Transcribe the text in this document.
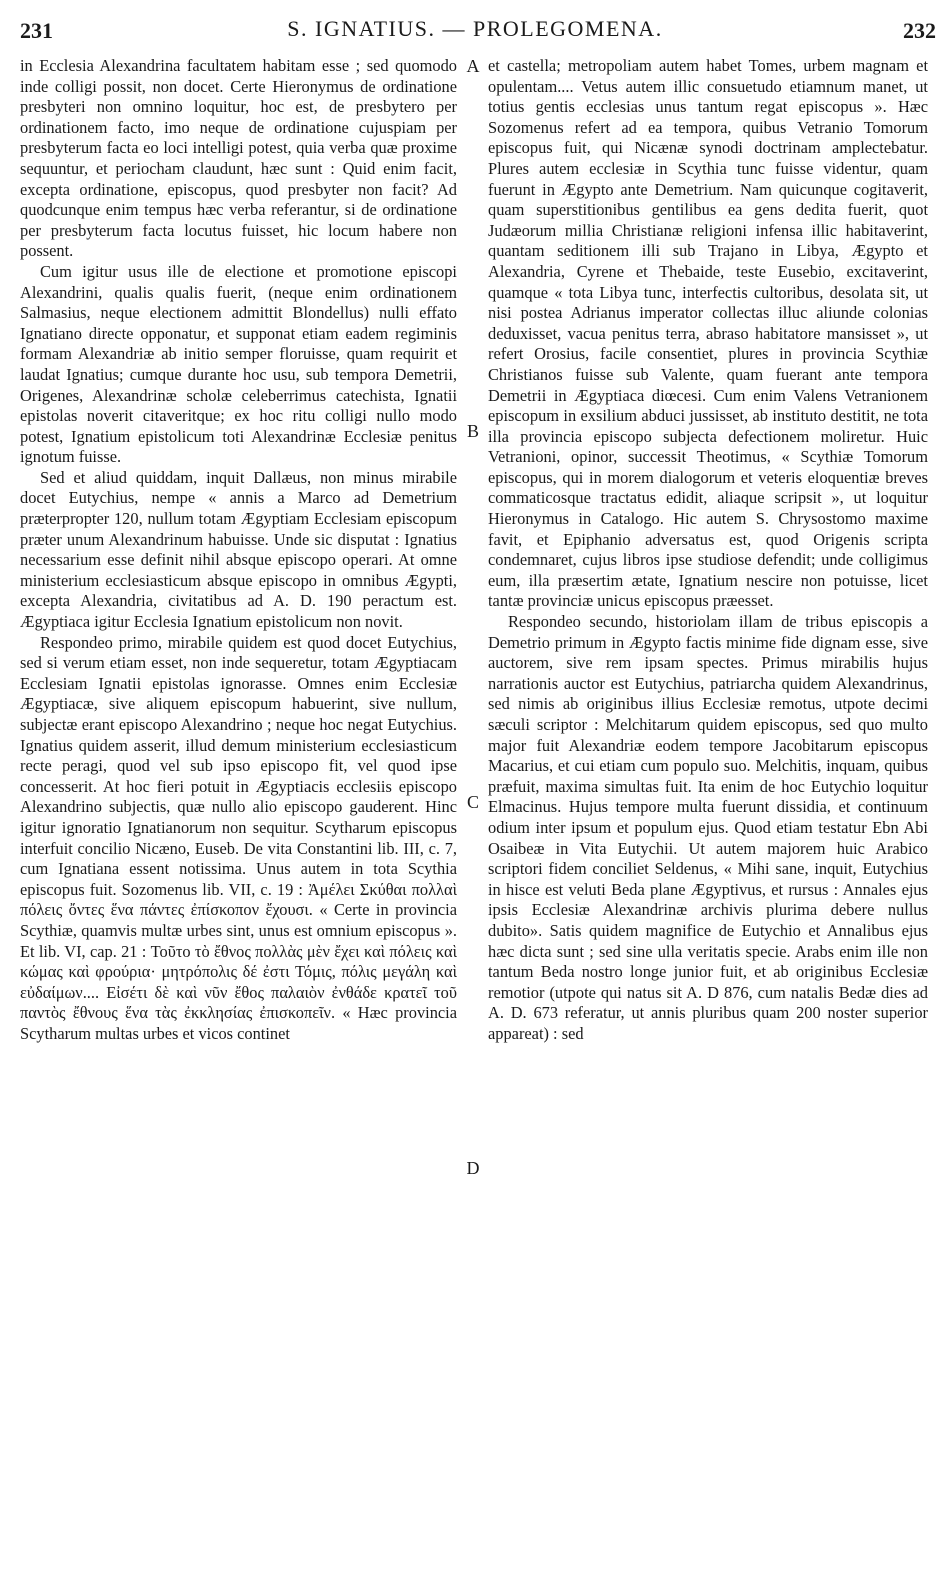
231	S. IGNATIUS. — PROLEGOMENA.	232

in Ecclesia Alexandrina facultatem habitam esse ; sed quomodo inde colligi possit, non docet. Certe Hieronymus de ordinatione presbyteri non omnino loquitur, hoc est, de presbytero per ordinationem facto, imo neque de ordinatione cujuspiam per presbyterum facta eo loci intelligi potest, quia verba quæ proxime sequuntur, et periocham claudunt, hæc sunt : Quid enim facit, excepta ordinatione, episcopus, quod presbyter non facit? Ad quodcunque enim tempus hæc verba referantur, si de ordinatione per presbyterum facta locutus fuisset, hic locum habere non possent.

Cum igitur usus ille de electione et promotione episcopi Alexandrini, qualis qualis fuerit, (neque enim ordinationem Salmasius, neque electionem admittit Blondellus) nulli effato Ignatiano directe opponatur, et supponat etiam eadem regiminis formam Alexandriæ ab initio semper floruisse, quam requirit et laudat Ignatius; cumque durante hoc usu, sub tempora Demetrii, Origenes, Alexandrinæ scholæ celeberrimus catechista, Ignatii epistolas noverit citaveritque; ex hoc ritu colligi nullo modo potest, Ignatium epistolicum toti Alexandrinæ Ecclesiæ penitus ignotum fuisse.

Sed et aliud quiddam, inquit Dallæus, non minus mirabile docet Eutychius, nempe « annis a Marco ad Demetrium præterpropter 120, nullum totam Ægyptiam Ecclesiam episcopum præter unum Alexandrinum habuisse. Unde sic disputat : Ignatius necessarium esse definit nihil absque episcopo operari. At omne ministerium ecclesiasticum absque episcopo in omnibus Ægypti, excepta Alexandria, civitatibus ad A. D. 190 peractum est. Ægyptiaca igitur Ecclesia Ignatium epistolicum non novit.

Respondeo primo, mirabile quidem est quod docet Eutychius, sed si verum etiam esset, non inde sequeretur, totam Ægyptiacam Ecclesiam Ignatii epistolas ignorasse. Omnes enim Ecclesiæ Ægyptiacæ, sive aliquem episcopum habuerint, sive nullum, subjectæ erant episcopo Alexandrino ; neque hoc negat Eutychius. Ignatius quidem asserit, illud demum ministerium ecclesiasticum recte peragi, quod vel sub ipso episcopo fit, vel quod ipse concesserit. At hoc fieri potuit in Ægyptiacis ecclesiis episcopo Alexandrino subjectis, quæ nullo alio episcopo gauderent. Hinc igitur ignoratio Ignatianorum non sequitur. Scytharum episcopus interfuit concilio Nicæno, Euseb. De vita Constantini lib. III, c. 7, cum Ignatiana essent notissima. Unus autem in tota Scythia episcopus fuit. Sozomenus lib. VII, c. 19 : Ἀμέλει Σκύθαι πολλαὶ πόλεις ὄντες ἕνα πάντες ἐπίσκοπον ἔχουσι. « Certe in provincia Scythiæ, quamvis multæ urbes sint, unus est omnium episcopus ». Et lib. VI, cap. 21 : Τοῦτο τὸ ἔθνος πολλὰς μὲν ἔχει καὶ πόλεις καὶ κώμας καὶ φρούρια· μητρόπολις δέ ἐστι Τόμις, πόλις μεγάλη καὶ εὐδαίμων.... Εἰσέτι δὲ καὶ νῦν ἔθος παλαιὸν ἐνθάδε κρατεῖ τοῦ παντὸς ἔθνους ἕνα τὰς ἐκκλησίας ἐπισκοπεῖν. « Hæc provincia Scytharum multas urbes et vicos continet

et castella; metropoliam autem habet Tomes, urbem magnam et opulentam.... Vetus autem illic consuetudo etiamnum manet, ut totius gentis ecclesias unus tantum regat episcopus ». Hæc Sozomenus refert ad ea tempora, quibus Vetranio Tomorum episcopus fuit, qui Nicænæ synodi doctrinam amplectebatur. Plures autem ecclesiæ in Scythia tunc fuisse videntur, quam fuerunt in Ægypto ante Demetrium. Nam quicunque cogitaverit, quam superstitionibus gentilibus ea gens dedita fuerit, quot Judæorum millia Christianæ religioni infensa illic habitaverint, quantam seditionem illi sub Trajano in Libya, Ægypto et Alexandria, Cyrene et Thebaide, teste Eusebio, excitaverint, quamque « tota Libya tunc, interfectis cultoribus, desolata sit, ut nisi postea Adrianus imperator collectas illuc aliunde colonias deduxisset, vacua penitus terra, abraso habitatore mansisset », ut refert Orosius, facile consentiet, plures in provincia Scythiæ Christianos fuisse sub Valente, quam fuerant ante tempora Demetrii in Ægyptiaca diœcesi. Cum enim Valens Vetranionem episcopum in exsilium abduci jussisset, ab instituto destitit, ne tota illa provincia episcopo subjecta defectionem moliretur. Huic Vetranioni, opinor, successit Theotimus, « Scythiæ Tomorum episcopus, qui in morem dialogorum et veteris eloquentiæ breves commaticosque tractatus edidit, aliaque scripsit », ut loquitur Hieronymus in Catalogo. Hic autem S. Chrysostomo maxime favit, et Epiphanio adversatus est, quod Origenis scripta condemnaret, cujus libros ipse studiose defendit; unde colligimus eum, illa præsertim ætate, Ignatium nescire non potuisse, licet tantæ provinciæ unicus episcopus præesset.

Respondeo secundo, historiolam illam de tribus episcopis a Demetrio primum in Ægypto factis minime fide dignam esse, sive auctorem, sive rem ipsam spectes. Primus mirabilis hujus narrationis auctor est Eutychius, patriarcha quidem Alexandrinus, sed nimis ab originibus illius Ecclesiæ remotus, utpote decimi sæculi scriptor : Melchitarum quidem episcopus, sed quo multo major fuit Alexandriæ eodem tempore Jacobitarum episcopus Macarius, et cui etiam cum populo suo. Melchitis, inquam, quibus præfuit, maxima simultas fuit. Ita enim de hoc Eutychio loquitur Elmacinus. Hujus tempore multa fuerunt dissidia, et continuum odium inter ipsum et populum ejus. Quod etiam testatur Ebn Abi Osaibeæ in Vita Eutychii. Ut autem majorem huic Arabico scriptori fidem conciliet Seldenus, « Mihi sane, inquit, Eutychius in hisce est veluti Beda plane Ægyptivus, et rursus : Annales ejus ipsis Ecclesiæ Alexandrinæ archivis plurima debere nullus dubito». Satis quidem magnifice de Eutychio et Annalibus ejus hæc dicta sunt ; sed sine ulla veritatis specie. Arabs enim ille non tantum Beda nostro longe junior fuit, et ab originibus Ecclesiæ remotior (utpote qui natus sit A. D 876, cum natalis Bedæ dies ad A. D. 673 referatur, ut annis pluribus quam 200 noster superior appareat) : sed

A
B
C
D
